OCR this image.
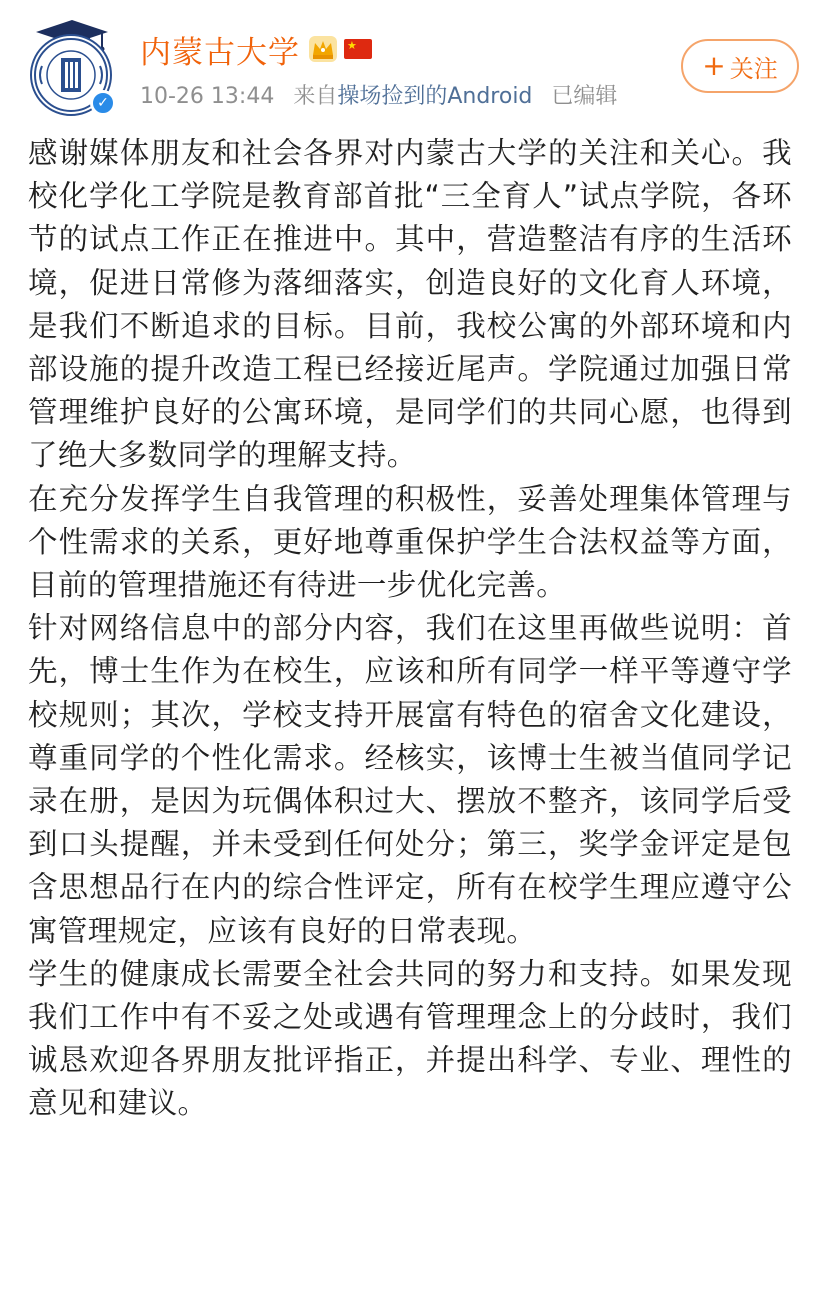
✓
内蒙古大学	★
10-26 13:44 来自操场捡到的Android 已编辑
+ 关注

感谢媒体朋友和社会各界对内蒙古大学的关注和关心。我校化学化工学院是教育部首批“三全育人”试点学院，各环节的试点工作正在推进中。其中，营造整洁有序的生活环境，促进日常修为落细落实，创造良好的文化育人环境，是我们不断追求的目标。目前，我校公寓的外部环境和内部设施的提升改造工程已经接近尾声。学院通过加强日常管理维护良好的公寓环境，是同学们的共同心愿，也得到了绝大多数同学的理解支持。

在充分发挥学生自我管理的积极性，妥善处理集体管理与个性需求的关系，更好地尊重保护学生合法权益等方面，目前的管理措施还有待进一步优化完善。

针对网络信息中的部分内容，我们在这里再做些说明：首先，博士生作为在校生，应该和所有同学一样平等遵守学校规则；其次，学校支持开展富有特色的宿舍文化建设，尊重同学的个性化需求。经核实，该博士生被当值同学记录在册，是因为玩偶体积过大、摆放不整齐，该同学后受到口头提醒，并未受到任何处分；第三，奖学金评定是包含思想品行在内的综合性评定，所有在校学生理应遵守公寓管理规定，应该有良好的日常表现。

学生的健康成长需要全社会共同的努力和支持。如果发现我们工作中有不妥之处或遇有管理理念上的分歧时，我们诚恳欢迎各界朋友批评指正，并提出科学、专业、理性的意见和建议。
